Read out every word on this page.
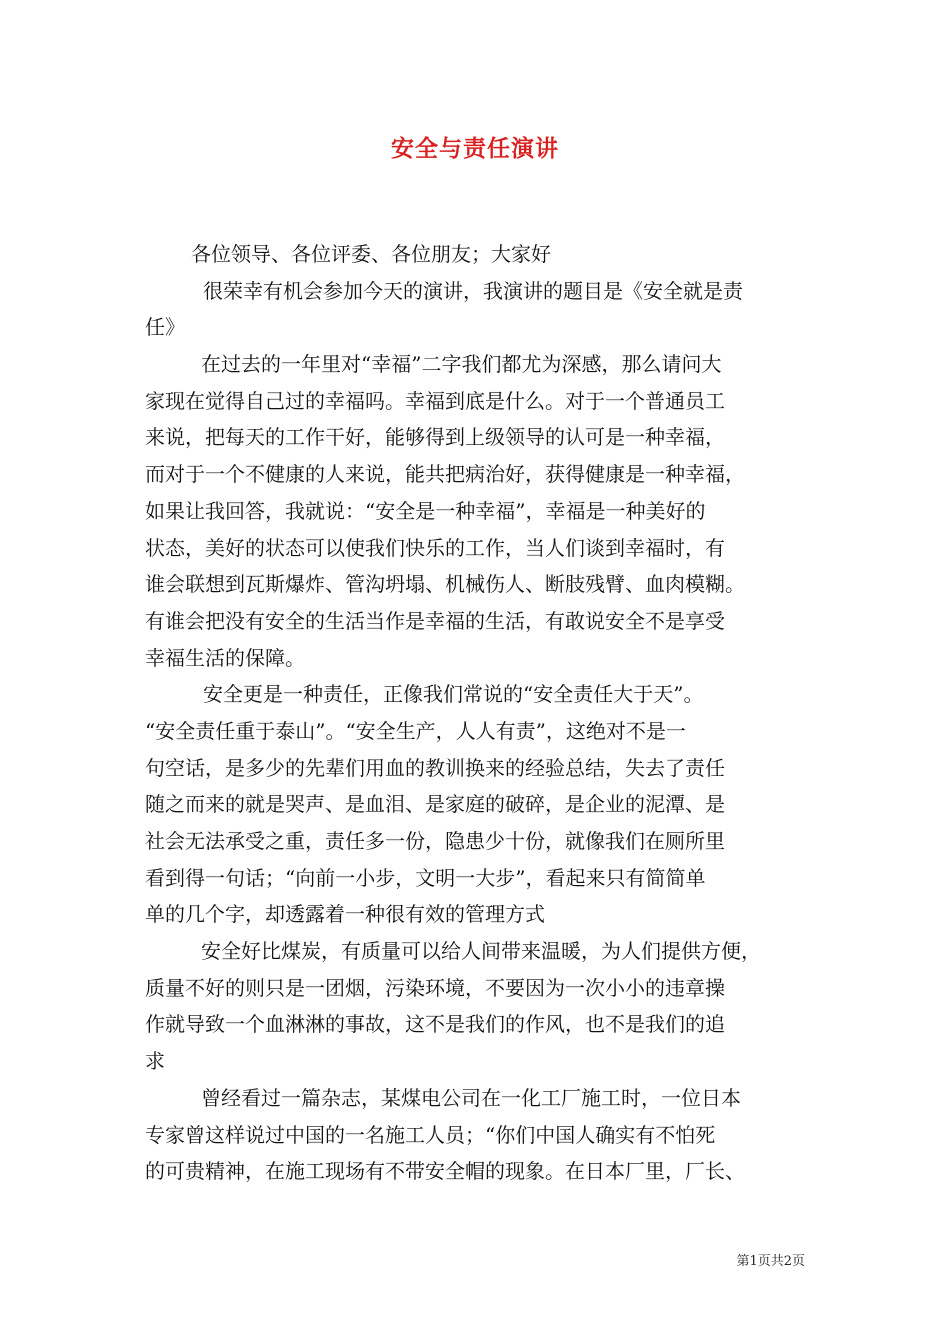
安全与责任演讲
各位领导、各位评委、各位朋友；大家好
很荣幸有机会参加今天的演讲，我演讲的题目是《安全就是责
任》
在过去的一年里对“幸福”二字我们都尤为深感，那么请问大
家现在觉得自己过的幸福吗。幸福到底是什么。对于一个普通员工
来说，把每天的工作干好，能够得到上级领导的认可是一种幸福，
而对于一个不健康的人来说，能共把病治好，获得健康是一种幸福，
如果让我回答，我就说：“安全是一种幸福”，幸福是一种美好的
状态，美好的状态可以使我们快乐的工作，当人们谈到幸福时，有
谁会联想到瓦斯爆炸、管沟坍塌、机械伤人、断肢残臂、血肉模糊。
有谁会把没有安全的生活当作是幸福的生活，有敢说安全不是享受
幸福生活的保障。
安全更是一种责任，正像我们常说的“安全责任大于天”。
“安全责任重于泰山”。“安全生产，人人有责”，这绝对不是一
句空话，是多少的先辈们用血的教训换来的经验总结，失去了责任
随之而来的就是哭声、是血泪、是家庭的破碎，是企业的泥潭、是
社会无法承受之重，责任多一份，隐患少十份，就像我们在厕所里
看到得一句话；“向前一小步，文明一大步”，看起来只有简简单
单的几个字，却透露着一种很有效的管理方式
安全好比煤炭，有质量可以给人间带来温暖，为人们提供方便，
质量不好的则只是一团烟，污染环境，不要因为一次小小的违章操
作就导致一个血淋淋的事故，这不是我们的作风，也不是我们的追
求
曾经看过一篇杂志，某煤电公司在一化工厂施工时，一位日本
专家曾这样说过中国的一名施工人员；“你们中国人确实有不怕死
的可贵精神，在施工现场有不带安全帽的现象。在日本厂里，厂长、
第1页共2页
